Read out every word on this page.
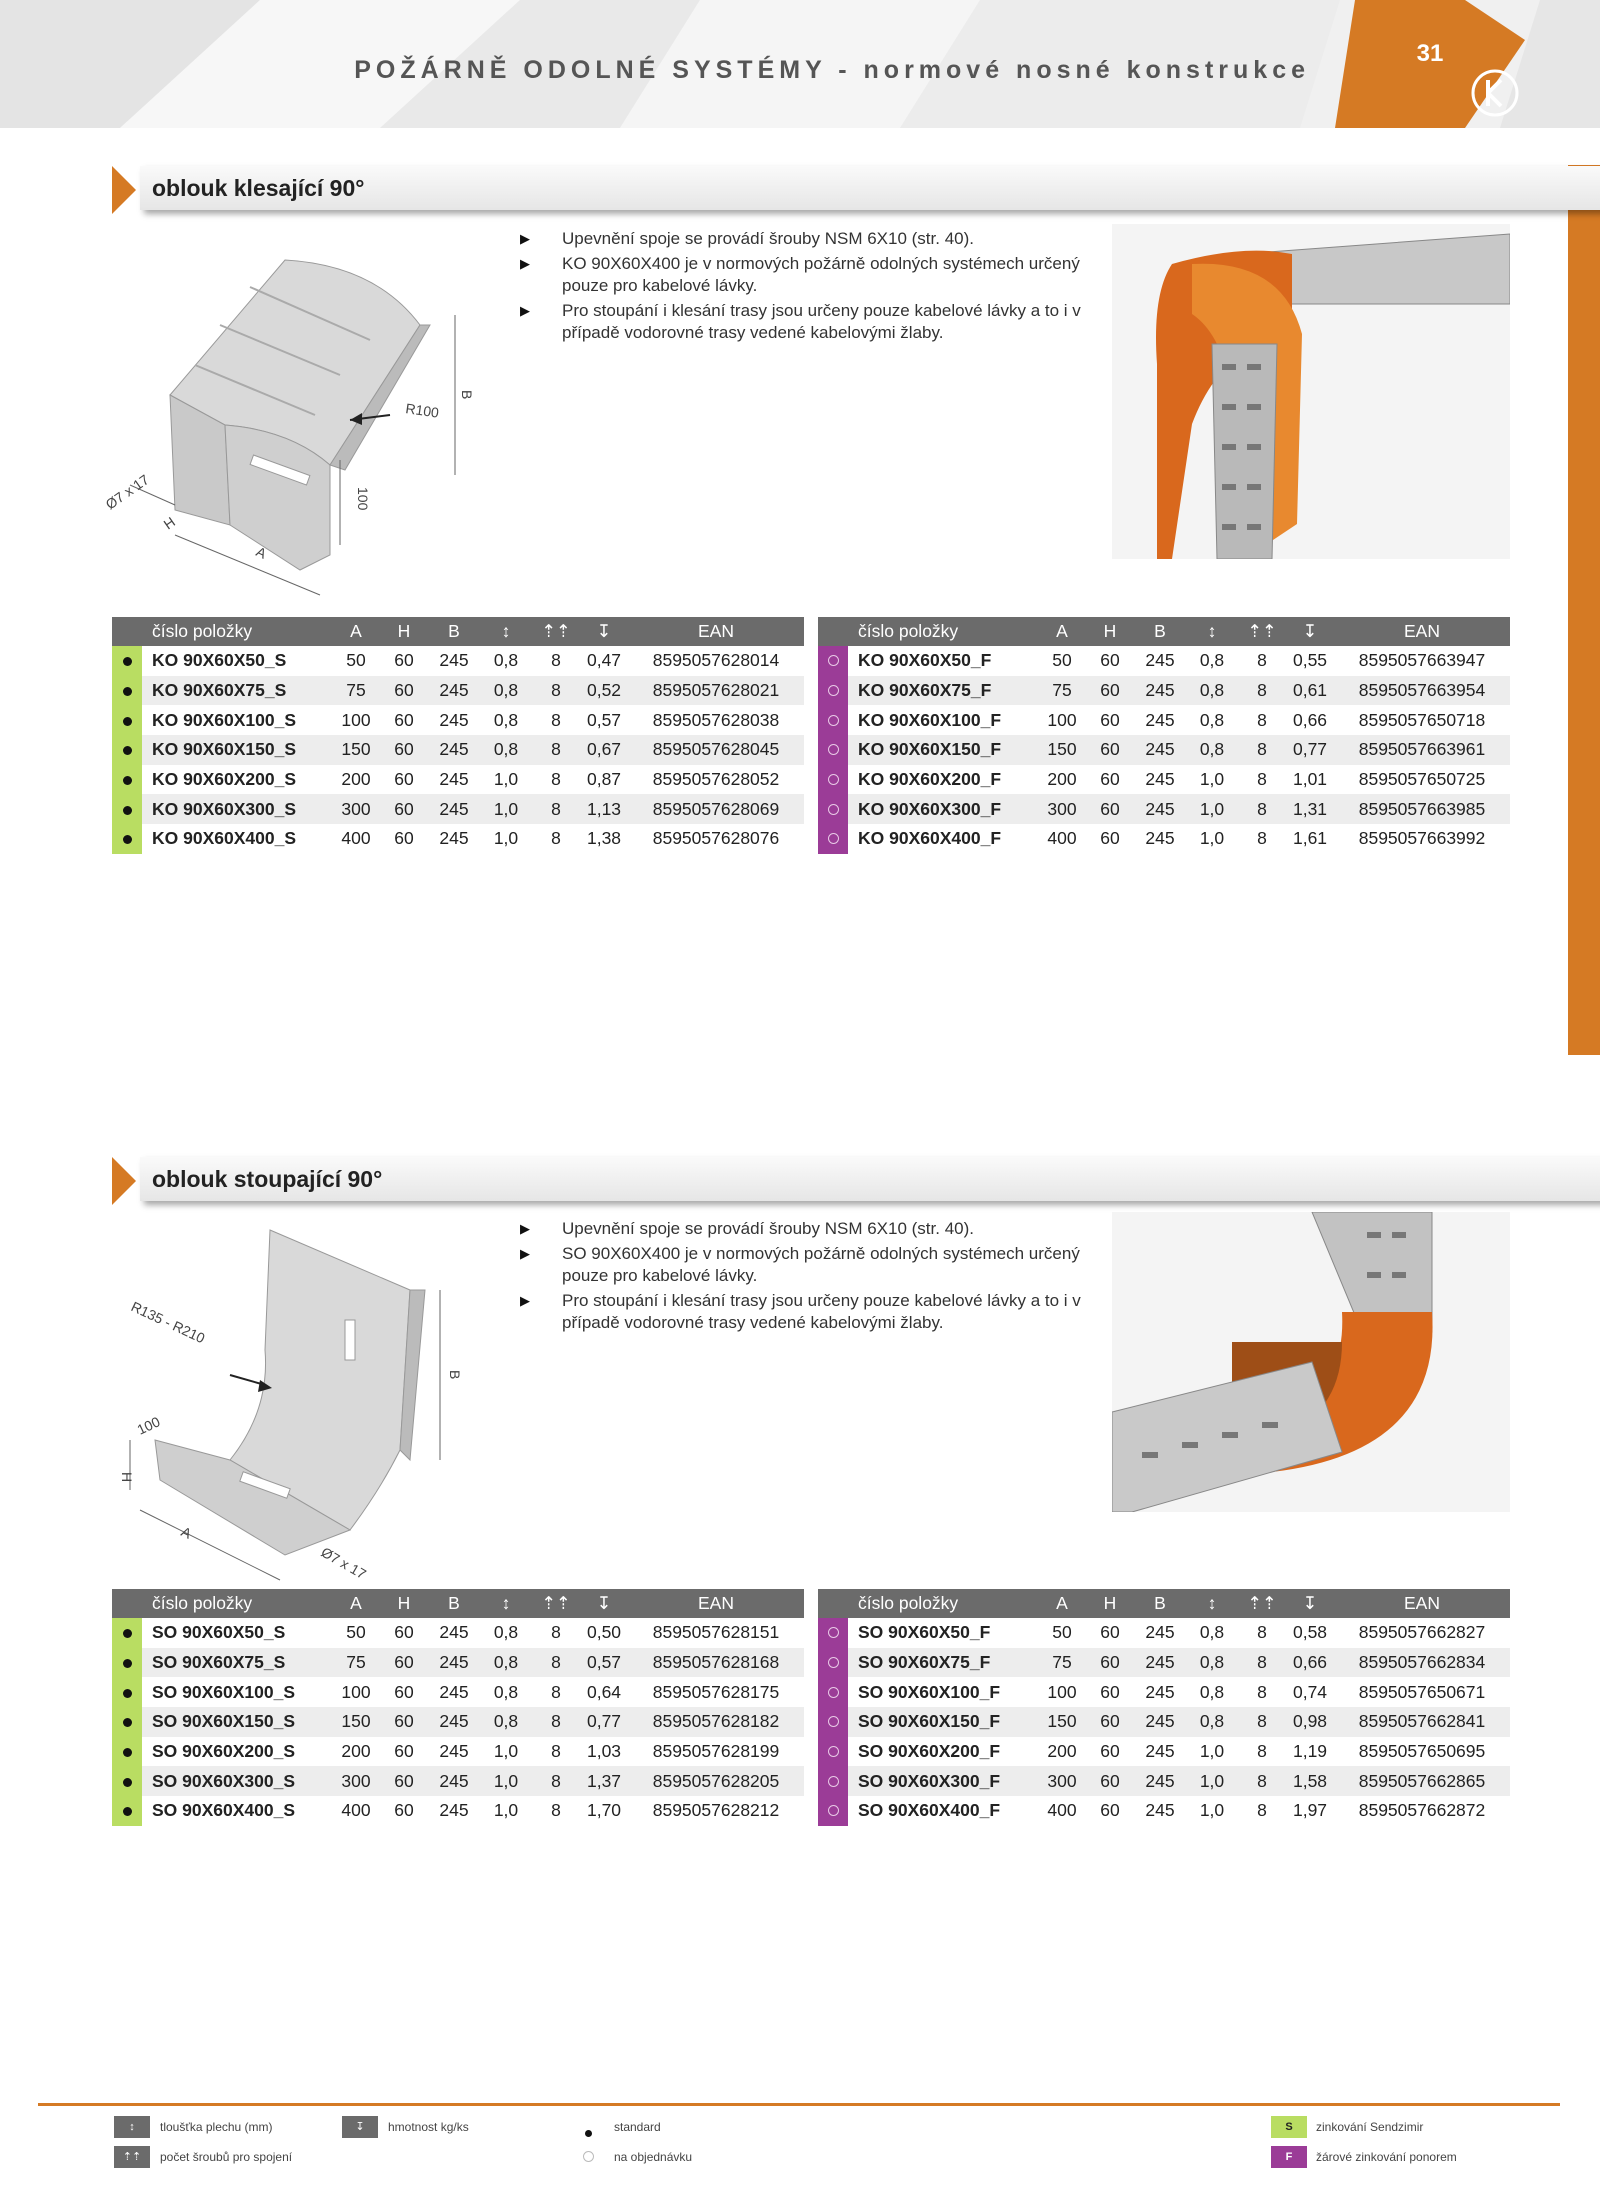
POŽÁRNĚ ODOLNÉ SYSTÉMY - normové nosné konstrukce
31
oblouk klesající 90°
B
R100
100
Ø7 x 17
H
A
▶ Upevnění spoje se provádí šrouby NSM 6X10 (str. 40).
▶ KO 90X60X400 je v normových požárně odolných systémech určený pouze pro kabelové lávky.
▶ Pro stoupání i klesání trasy jsou určeny pouze kabelové lávky a to i v případě vodorovné trasy vedené kabelovými žlaby.
	číslo položky	A	H	B	↕	⇡⇡	↧	EAN
	KO 90X60X50_S	50	60	245	0,8	8	0,47	8595057628014
	KO 90X60X75_S	75	60	245	0,8	8	0,52	8595057628021
	KO 90X60X100_S	100	60	245	0,8	8	0,57	8595057628038
	KO 90X60X150_S	150	60	245	0,8	8	0,67	8595057628045
	KO 90X60X200_S	200	60	245	1,0	8	0,87	8595057628052
	KO 90X60X300_S	300	60	245	1,0	8	1,13	8595057628069
	KO 90X60X400_S	400	60	245	1,0	8	1,38	8595057628076
	číslo položky	A	H	B	↕	⇡⇡	↧	EAN
	KO 90X60X50_F	50	60	245	0,8	8	0,55	8595057663947
	KO 90X60X75_F	75	60	245	0,8	8	0,61	8595057663954
	KO 90X60X100_F	100	60	245	0,8	8	0,66	8595057650718
	KO 90X60X150_F	150	60	245	0,8	8	0,77	8595057663961
	KO 90X60X200_F	200	60	245	1,0	8	1,01	8595057650725
	KO 90X60X300_F	300	60	245	1,0	8	1,31	8595057663985
	KO 90X60X400_F	400	60	245	1,0	8	1,61	8595057663992
oblouk stoupající 90°
R135 - R210
B
100
H
A
Ø7 x 17
▶ Upevnění spoje se provádí šrouby NSM 6X10 (str. 40).
▶ SO 90X60X400 je v normových požárně odolných systémech určený pouze pro kabelové lávky.
▶ Pro stoupání i klesání trasy jsou určeny pouze kabelové lávky a to i v případě vodorovné trasy vedené kabelovými žlaby.
	číslo položky	A	H	B	↕	⇡⇡	↧	EAN
	SO 90X60X50_S	50	60	245	0,8	8	0,50	8595057628151
	SO 90X60X75_S	75	60	245	0,8	8	0,57	8595057628168
	SO 90X60X100_S	100	60	245	0,8	8	0,64	8595057628175
	SO 90X60X150_S	150	60	245	0,8	8	0,77	8595057628182
	SO 90X60X200_S	200	60	245	1,0	8	1,03	8595057628199
	SO 90X60X300_S	300	60	245	1,0	8	1,37	8595057628205
	SO 90X60X400_S	400	60	245	1,0	8	1,70	8595057628212
	číslo položky	A	H	B	↕	⇡⇡	↧	EAN
	SO 90X60X50_F	50	60	245	0,8	8	0,58	8595057662827
	SO 90X60X75_F	75	60	245	0,8	8	0,66	8595057662834
	SO 90X60X100_F	100	60	245	0,8	8	0,74	8595057650671
	SO 90X60X150_F	150	60	245	0,8	8	0,98	8595057662841
	SO 90X60X200_F	200	60	245	1,0	8	1,19	8595057650695
	SO 90X60X300_F	300	60	245	1,0	8	1,58	8595057662865
	SO 90X60X400_F	400	60	245	1,0	8	1,97	8595057662872
↕	tloušťka plechu (mm)
⇡⇡	počet šroubů pro spojení
↧	hmotnost kg/ks	standard
na objednávku
S	zinkování Sendzimir
F	žárové zinkování ponorem
